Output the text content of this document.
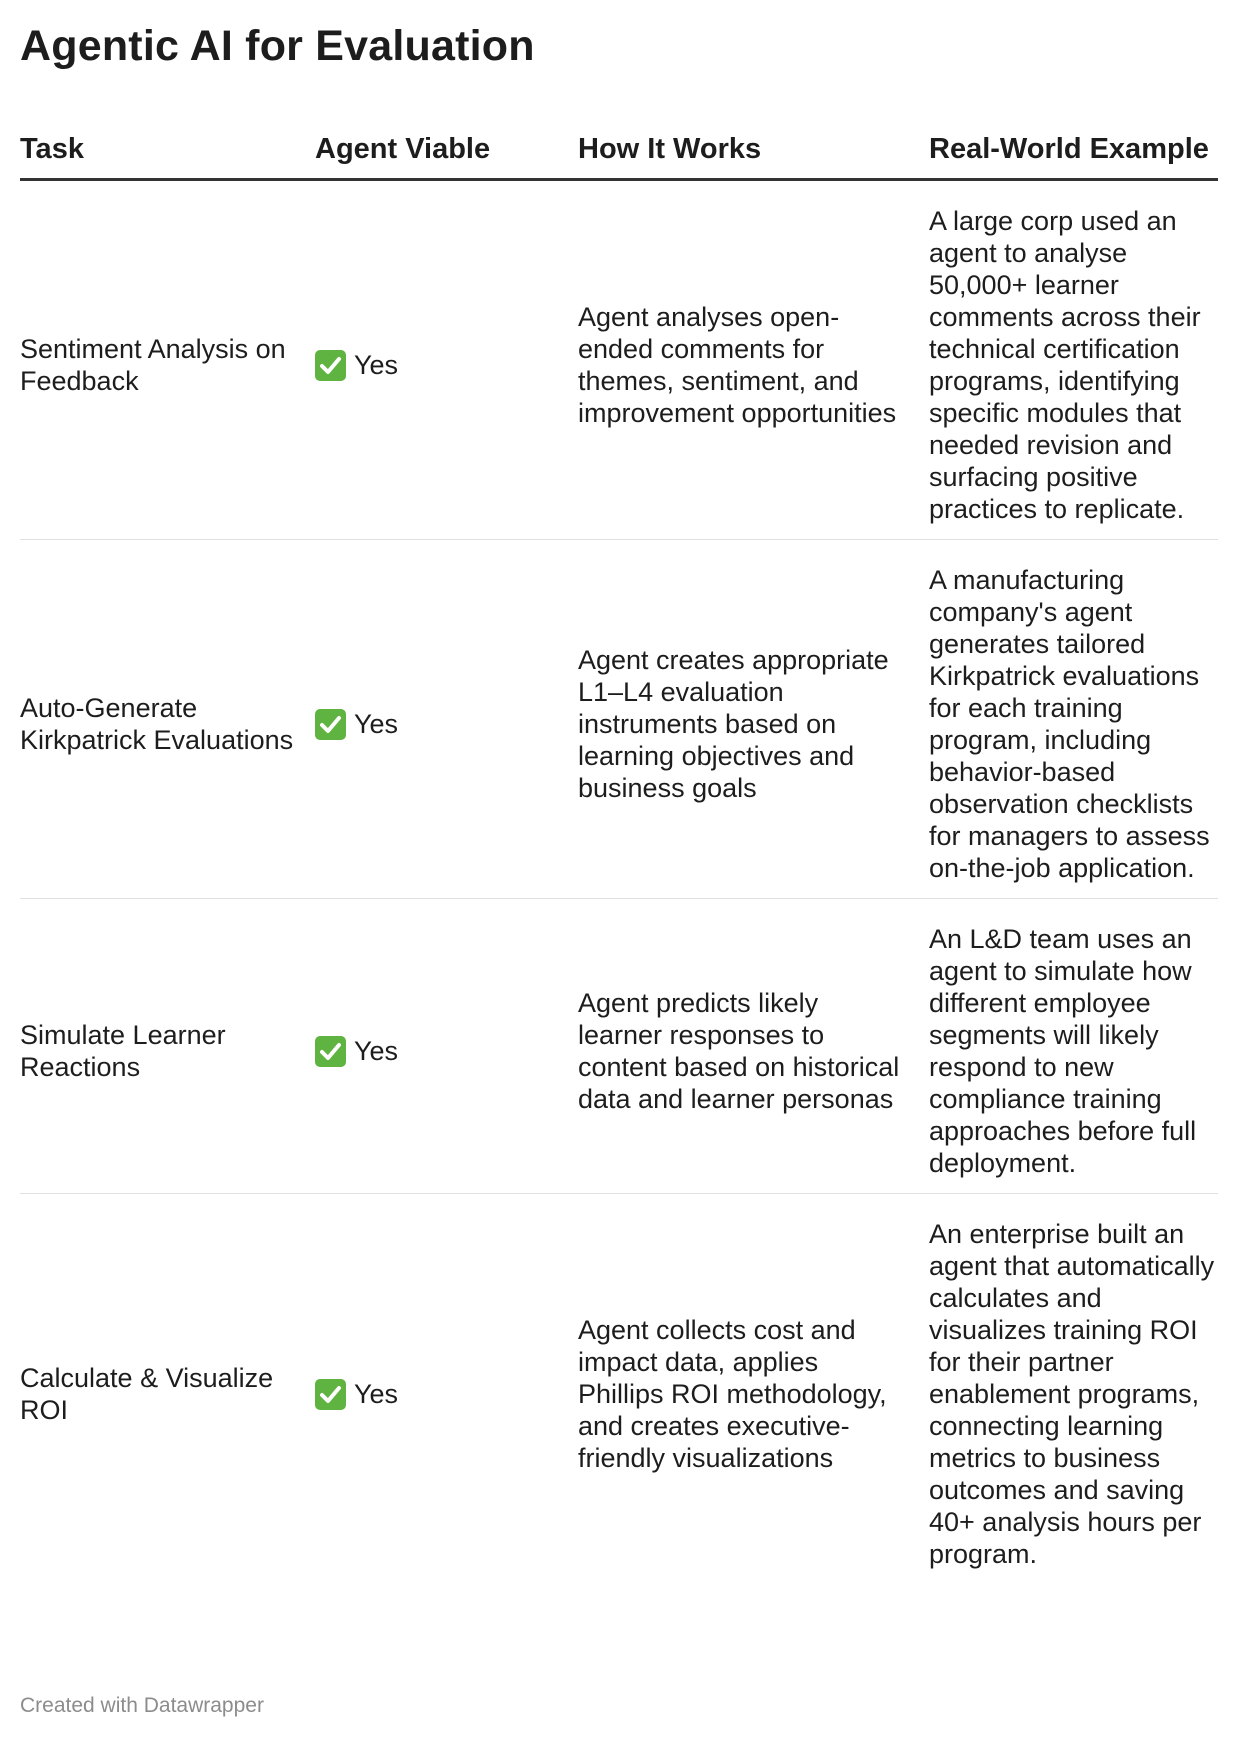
Agentic AI for Evaluation
Task	Agent Viable	How It Works	Real-World Example

Sentiment Analysis on Feedback	Yes	Agent analyses open-ended comments for themes, sentiment, and improvement opportunities	A large corp used an agent to analyse 50,000+ learner comments across their technical certification programs, identifying specific modules that needed revision and surfacing positive practices to replicate.

Auto-Generate Kirkpatrick Evaluations	Yes	Agent creates appropriate L1–L4 evaluation instruments based on learning objectives and business goals	A manufacturing company's agent generates tailored Kirkpatrick evaluations for each training program, including behavior-based observation checklists for managers to assess on-the-job application.

Simulate Learner Reactions	Yes	Agent predicts likely learner responses to content based on historical data and learner personas	An L&D team uses an agent to simulate how different employee segments will likely respond to new compliance training approaches before full deployment.

Calculate & Visualize ROI	Yes	Agent collects cost and impact data, applies Phillips ROI methodology, and creates executive-friendly visualizations	An enterprise built an agent that automatically calculates and visualizes training ROI for their partner enablement programs, connecting learning metrics to business outcomes and saving 40+ analysis hours per program.
Created with Datawrapper
